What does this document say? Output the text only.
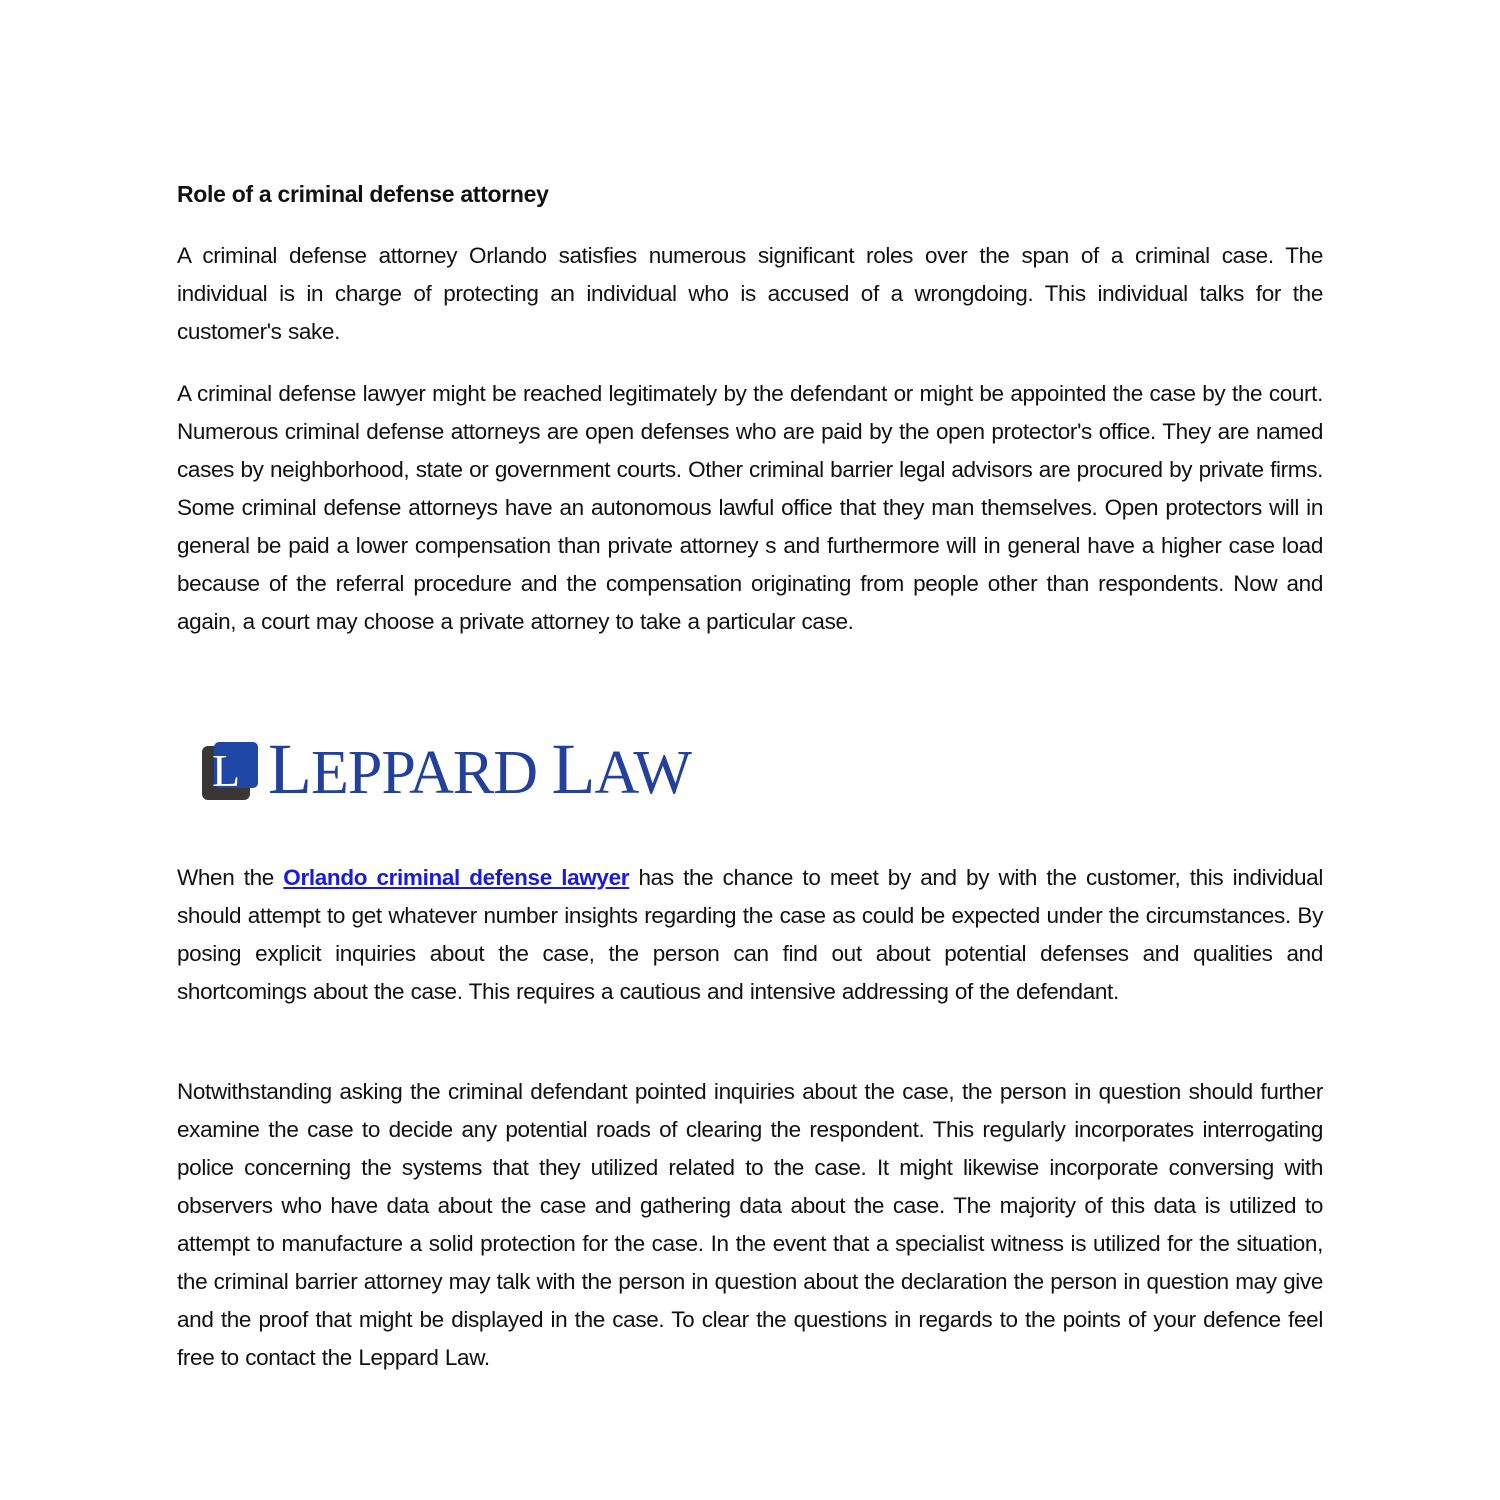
Role of a criminal defense attorney

A criminal defense attorney Orlando satisfies numerous significant roles over the span of a criminal case. The individual is in charge of protecting an individual who is accused of a wrongdoing. This individual talks for the customer's sake.

A criminal defense lawyer might be reached legitimately by the defendant or might be appointed the case by the court. Numerous criminal defense attorneys are open defenses who are paid by the open protector's office. They are named cases by neighborhood, state or government courts. Other criminal barrier legal advisors are procured by private firms. Some criminal defense attorneys have an autonomous lawful office that they man themselves. Open protectors will in general be paid a lower compensation than private attorney s and furthermore will in general have a higher case load because of the referral procedure and the compensation originating from people other than respondents. Now and again, a court may choose a private attorney to take a particular case.

When the Orlando criminal defense lawyer has the chance to meet by and by with the customer, this individual should attempt to get whatever number insights regarding the case as could be expected under the circumstances. By posing explicit inquiries about the case, the person can find out about potential defenses and qualities and shortcomings about the case. This requires a cautious and intensive addressing of the defendant.

Notwithstanding asking the criminal defendant pointed inquiries about the case, the person in question should further examine the case to decide any potential roads of clearing the respondent. This regularly incorporates interrogating police concerning the systems that they utilized related to the case. It might likewise incorporate conversing with observers who have data about the case and gathering data about the case. The majority of this data is utilized to attempt to manufacture a solid protection for the case. In the event that a specialist witness is utilized for the situation, the criminal barrier attorney may talk with the person in question about the declaration the person in question may give and the proof that might be displayed in the case. To clear the questions in regards to the points of your defence feel free to contact the Leppard Law.

L LEPPARD LAW
